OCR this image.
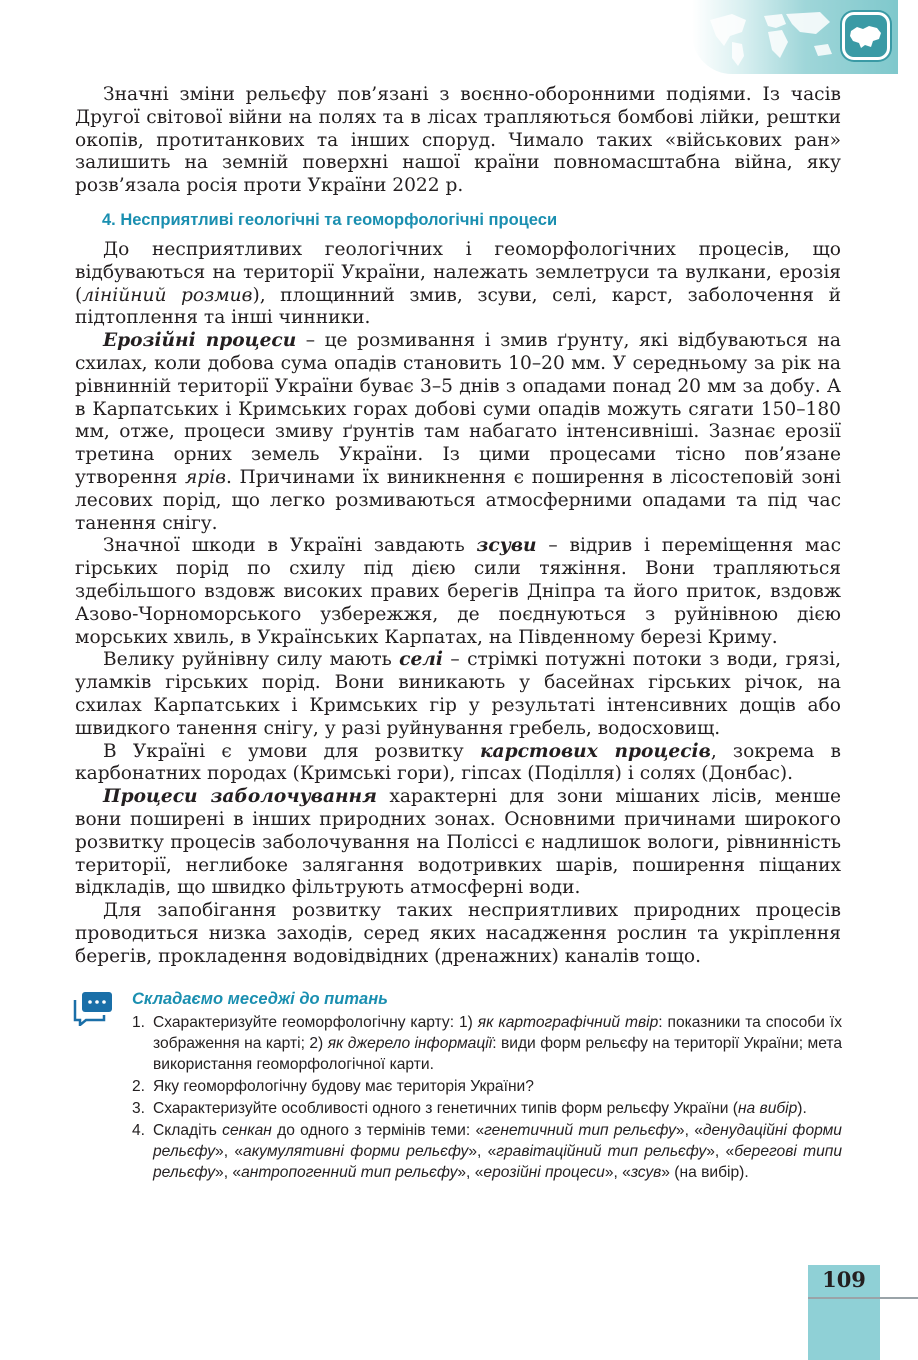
Значні зміни рельєфу пов’язані з воєнно-оборонними подіями. Із часів Другої світової війни на полях та в лісах трапляються бомбові лійки, рештки окопів, протитанкових та інших споруд. Чимало таких «військових ран» залишить на земній поверхні нашої країни повномасштабна війна, яку розв’язала росія проти України 2022 р.

4. Несприятливі геологічні та геоморфологічні процеси

До несприятливих геологічних і геоморфологічних процесів, що відбуваються на території України, належать землетруси та вулкани, ерозія (лінійний розмив), площинний змив, зсуви, селі, карст, заболочення й підтоплення та інші чинники.

Ерозійні процеси – це розмивання і змив ґрунту, які відбуваються на схилах, коли добова сума опадів становить 10–20 мм. У середньому за рік на рівнинній території України буває 3–5 днів з опадами понад 20 мм за добу. А в Карпатських і Кримських горах добові суми опадів можуть сягати 150–180 мм, отже, процеси змиву ґрунтів там набагато інтенсивніші. Зазнає ерозії третина орних земель України. Із цими процесами тісно пов’язане утворення ярів. Причинами їх виникнення є поширення в лісостеповій зоні лесових порід, що легко розмиваються атмосферними опадами та під час танення снігу.

Значної шкоди в Україні завдають зсуви – відрив і переміщення мас гірських порід по схилу під дією сили тяжіння. Вони трапляються здебільшого вздовж високих правих берегів Дніпра та його приток, вздовж Азово-Чорноморського узбережжя, де поєднуються з руйнівною дією морських хвиль, в Українських Карпатах, на Південному березі Криму.

Велику руйнівну силу мають селі – стрімкі потужні потоки з води, грязі, уламків гірських порід. Вони виникають у басейнах гірських річок, на схилах Карпатських і Кримських гір у результаті інтенсивних дощів або швидкого танення снігу, у разі руйнування гребель, водосховищ.

В Україні є умови для розвитку карстових процесів, зокрема в карбонатних породах (Кримські гори), гіпсах (Поділля) і солях (Донбас).

Процеси заболочування характерні для зони мішаних лісів, менше вони поширені в інших природних зонах. Основними причинами широкого розвитку процесів заболочування на Поліссі є надлишок вологи, рівнинність території, неглибоке залягання водотривких шарів, поширення піщаних відкладів, що швидко фільтрують атмосферні води.

Для запобігання розвитку таких несприятливих природних процесів проводиться низка заходів, серед яких насадження рослин та укріплення берегів, прокладення водовідвідних (дренажних) каналів тощо.

Складаємо меседжі до питань
1. Схарактеризуйте геоморфологічну карту: 1) як картографічний твір: показники та способи їх зображення на карті; 2) як джерело інформації: види форм рельєфу на території України; мета використання геоморфологічної карти.
2. Яку геоморфологічну будову має територія України?
3. Схарактеризуйте особливості одного з генетичних типів форм рельєфу України (на вибір).
4. Складіть сенкан до одного з термінів теми: «генетичний тип рельєфу», «денудаційні форми рельєфу», «акумулятивні форми рельєфу», «гравітаційний тип рельєфу», «берегові типи рельєфу», «антропогенний тип рельєфу», «ерозійні процеси», «зсув» (на вибір).
109
